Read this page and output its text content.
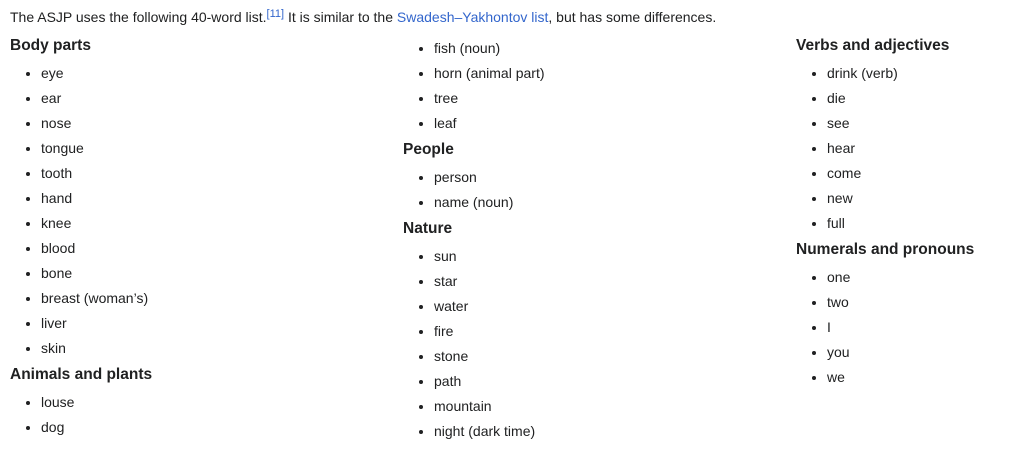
The ASJP uses the following 40-word list.[11] It is similar to the Swadesh–Yakhontov list, but has some differences.

Body parts
• eye
• ear
• nose
• tongue
• tooth
• hand
• knee
• blood
• bone
• breast (woman’s)
• liver
• skin
Animals and plants
• louse
• dog
• fish (noun)
• horn (animal part)
• tree
• leaf
People
• person
• name (noun)
Nature
• sun
• star
• water
• fire
• stone
• path
• mountain
• night (dark time)
Verbs and adjectives
• drink (verb)
• die
• see
• hear
• come
• new
• full
Numerals and pronouns
• one
• two
• I
• you
• we
